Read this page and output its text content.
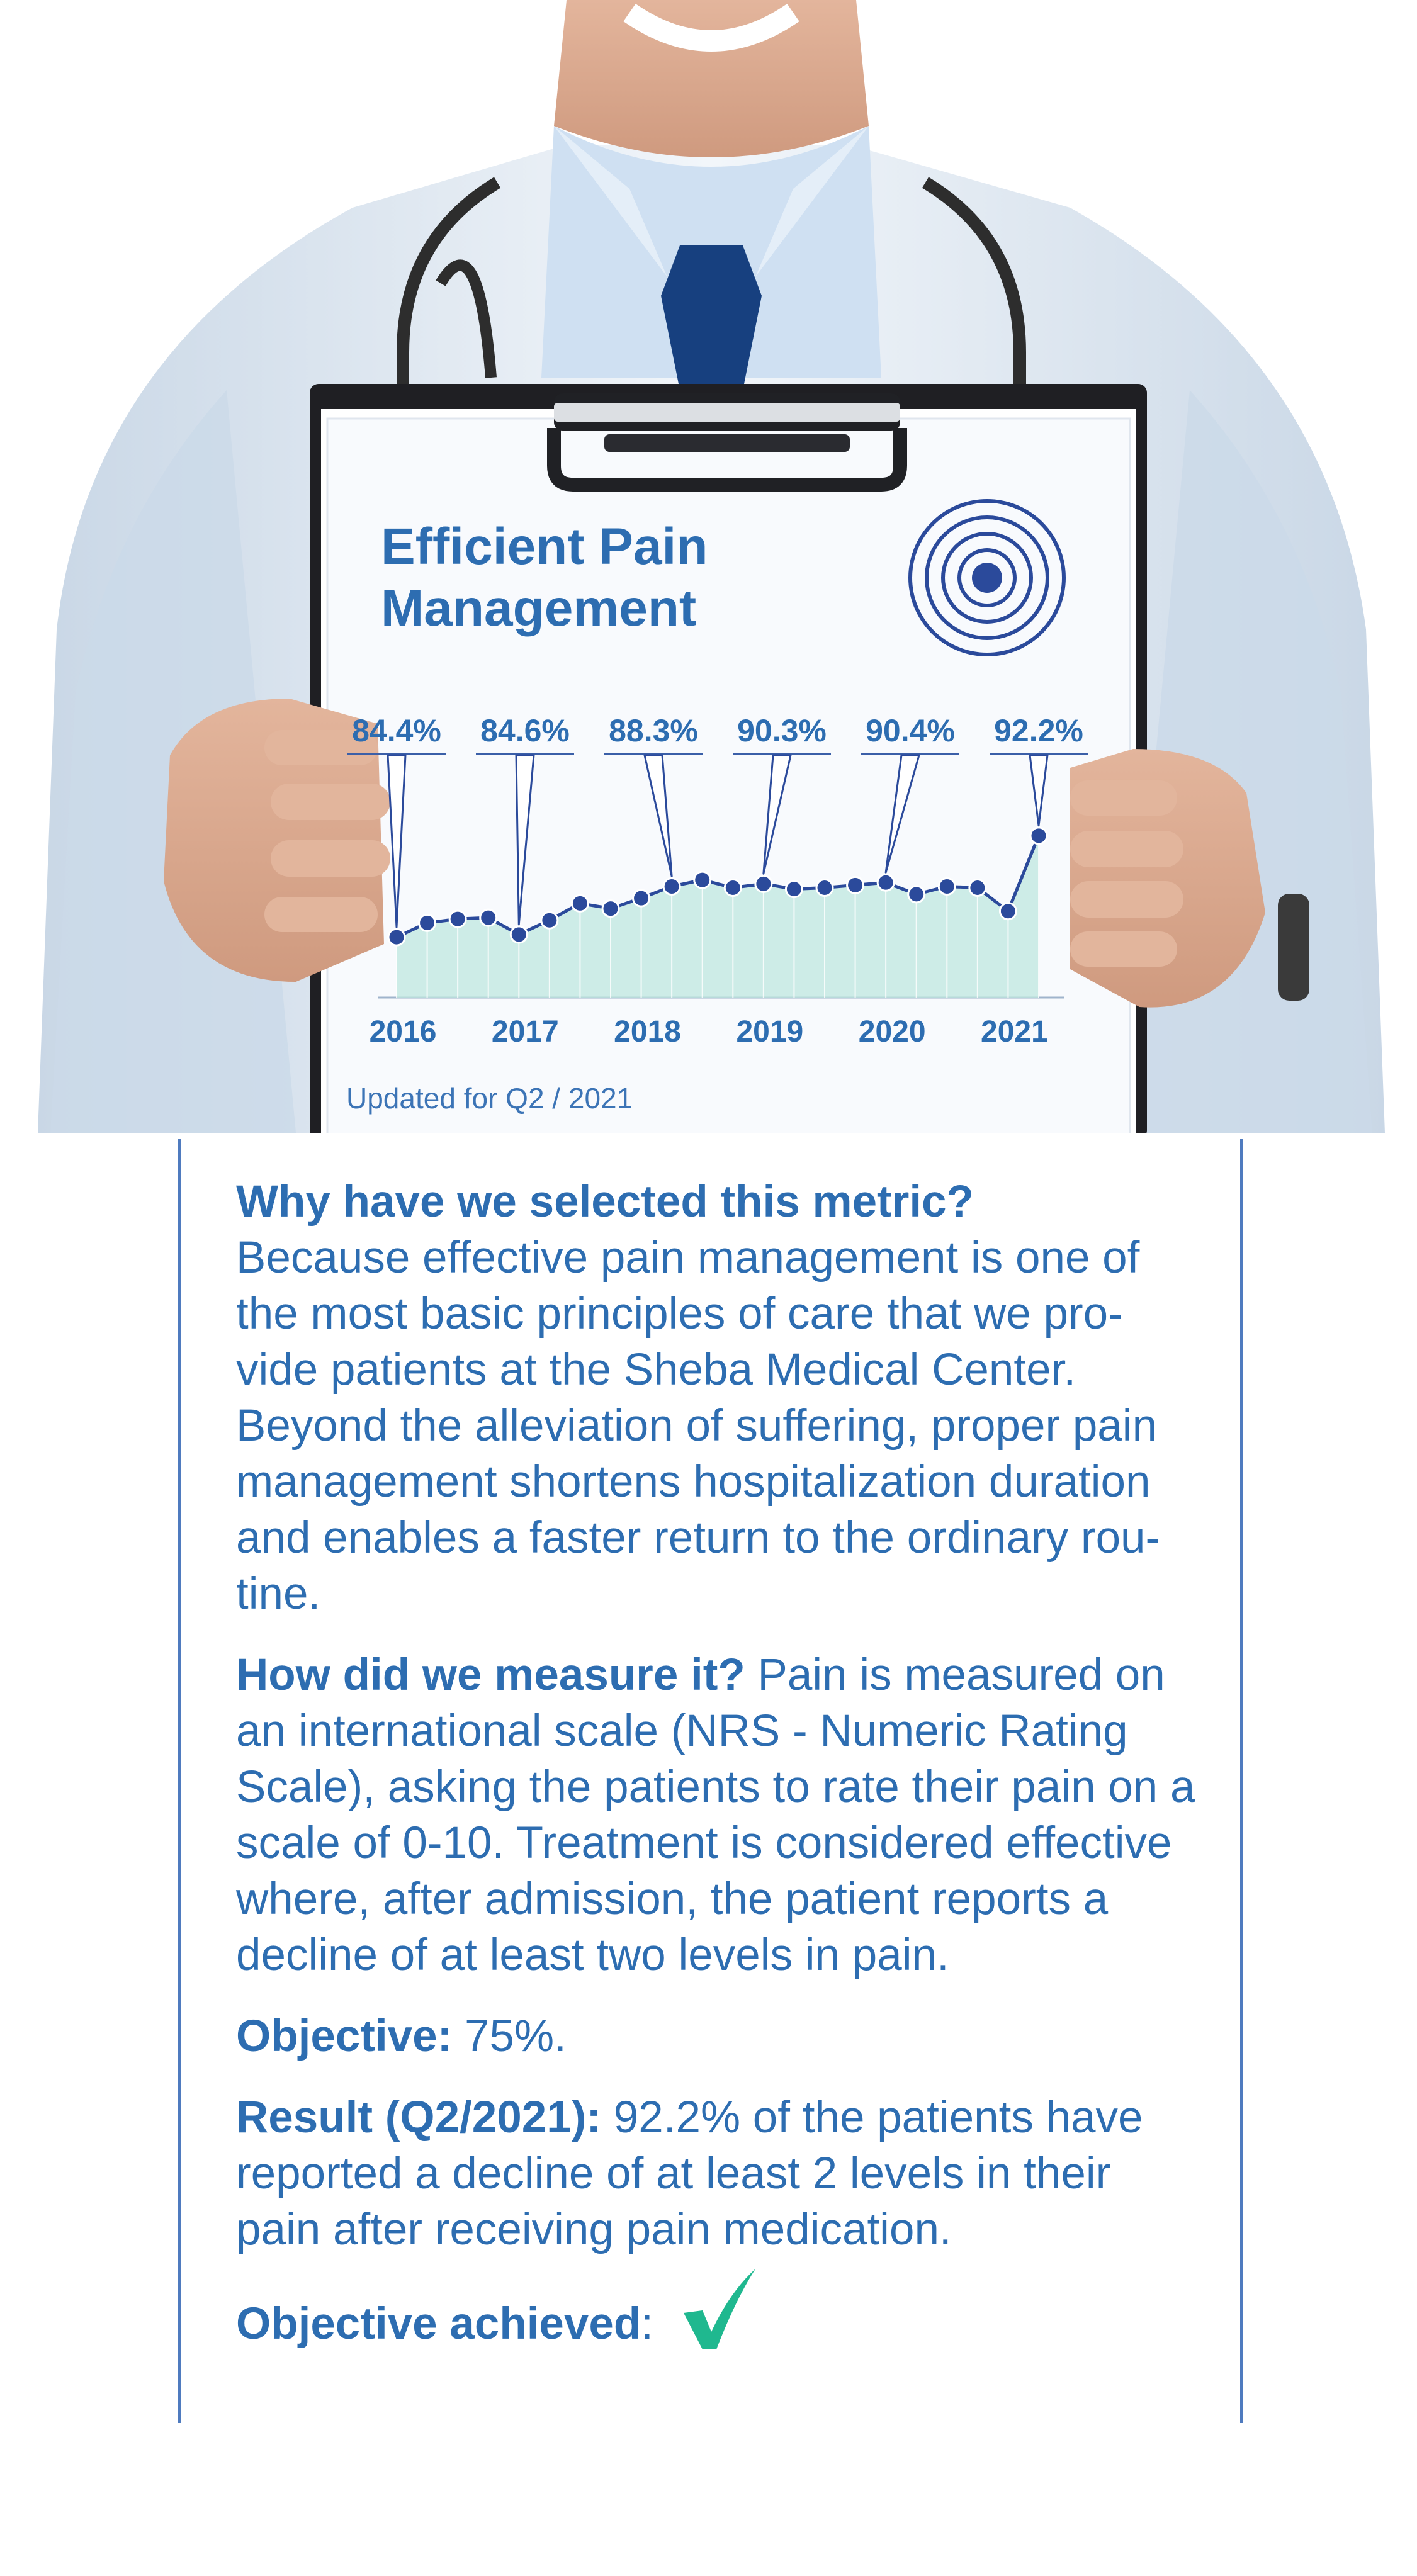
Efficient Pain
Management
84.4% 84.6% 88.3% 90.3% 90.4% 92.2%
2016 2017 2018 2019 2020 2021
Updated for Q2 / 2021
Why have we selected this metric?
Because effective pain management is one of the most basic principles of care that we pro-vide patients at the Sheba Medical Center. Beyond the alleviation of suffering, proper pain management shortens hospitalization duration and enables a faster return to the ordinary rou-tine.
How did we measure it? Pain is measured on an international scale (NRS - Numeric Rating Scale), asking the patients to rate their pain on a scale of 0-10. Treatment is considered effective where, after admission, the patient reports a decline of at least two levels in pain.
Objective: 75%.
Result (Q2/2021): 92.2% of the patients have reported a decline of at least 2 levels in their pain after receiving pain medication.
Objective achieved:
